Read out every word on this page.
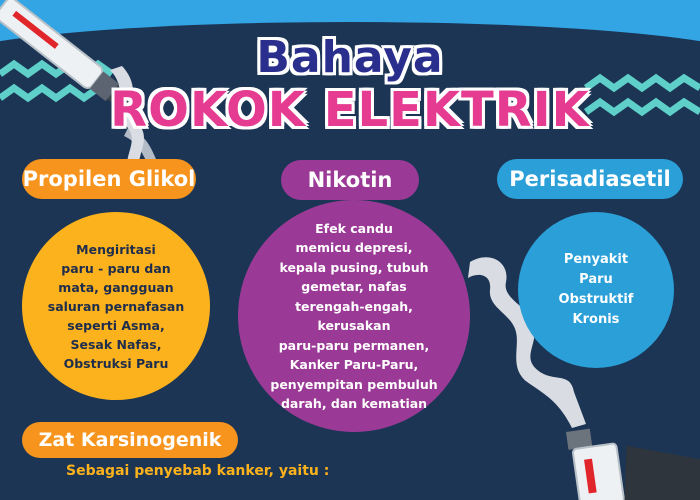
Bahaya
ROKOK ELEKTRIK
Propilen Glikol
Mengiritasi
paru - paru dan
mata, gangguan
saluran pernafasan
seperti Asma,
Sesak Nafas,
Obstruksi Paru
Nikotin
Efek candu
memicu depresi,
kepala pusing, tubuh
gemetar, nafas
terengah-engah, kerusakan
paru-paru permanen,
Kanker Paru-Paru,
penyempitan pembuluh
darah, dan kematian
Perisadiasetil
Penyakit
Paru
Obstruktif
Kronis
Zat Karsinogenik
Sebagai penyebab kanker, yaitu :
